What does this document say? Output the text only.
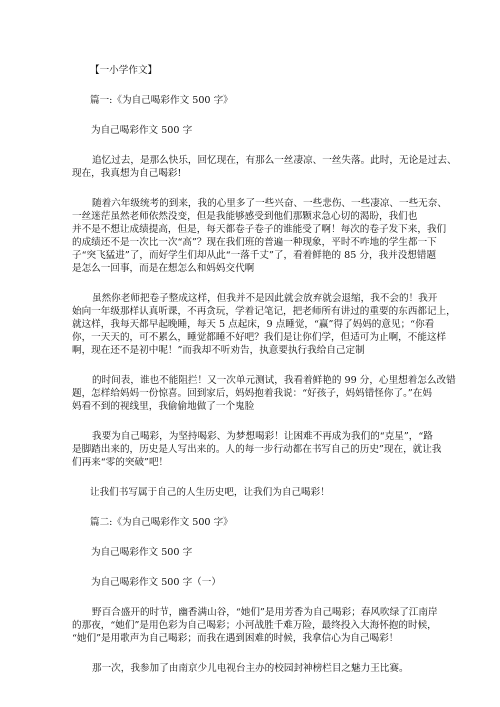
【一小学作文】
篇一:《为自己喝彩作文 500 字》
为自己喝彩作文 500 字
追忆过去，是那么快乐，回忆现在，有那么一丝凄凉、一丝失落。此时，无论是过去、
现在，我真想为自己喝彩!
随着六年级统考的到来，我的心里多了一些兴奋、一些悲伤、一些凄凉、一些无奈、
一丝迷茫虽然老师依然没变，但是我能够感受到他们那颗求急心切的渴盼，我们也
并不是不想让成绩提高，但是，每天都卷子卷子的谁能受了啊！每次的卷子发下来，我们
的成绩还不是一次比一次“高”？现在我们班的普遍一种现象，平时不咋地的学生都一下
子“突飞猛进”了，而好学生们却从此“一落千丈”了，看着鲜艳的 85 分，我并没想错题
是怎么一回事，而是在想怎么和妈妈交代啊
虽然你老师把卷子整成这样，但我并不是因此就会放弃就会退缩，我不会的！我开
始向一年级那样认真听课，不再贪玩，学着记笔记，把老师所有讲过的重要的东西都记上，
就这样，我每天都早起晚睡，每天 5 点起床，9 点睡觉，“赢”得了妈妈的意见；“你看
你，一天天的，可不累么，睡觉都睡不好吧？我们是让你们学，但适可为止啊，不能这样
啊，现在还不是初中呢！”而我却不听劝告，执意要执行我给自己定制
的时间表，谁也不能阻拦！又一次单元测试，我看着鲜艳的 99 分，心里想着怎么改错
题，怎样给妈妈一份惊喜。回到家后，妈妈抱着我说：“好孩子，妈妈错怪你了。”在妈
妈看不到的视线里，我偷偷地做了一个鬼脸
我要为自己喝彩，为坚持喝彩、为梦想喝彩！让困难不再成为我们的“克星”，“路
是脚踏出来的，历史是人写出来的。人的每一步行动都在书写自己的历史”现在，就让我
们再来“零的突破”吧！
让我们书写属于自己的人生历史吧，让我们为自己喝彩！
篇二:《为自己喝彩作文 500 字》
为自己喝彩作文 500 字
为自己喝彩作文 500 字（一）
野百合盛开的时节，幽香满山谷，“她们”是用芳香为自己喝彩；春风吹绿了江南岸
的那夜，“她们”是用色彩为自己喝彩；小河战胜千难万险，最终投入大海怀抱的时候，
“她们”是用歌声为自己喝彩；而我在遇到困难的时候，我拿信心为自己喝彩！
那一次，我参加了由南京少儿电视台主办的校园封神榜栏目之魅力王比赛。
